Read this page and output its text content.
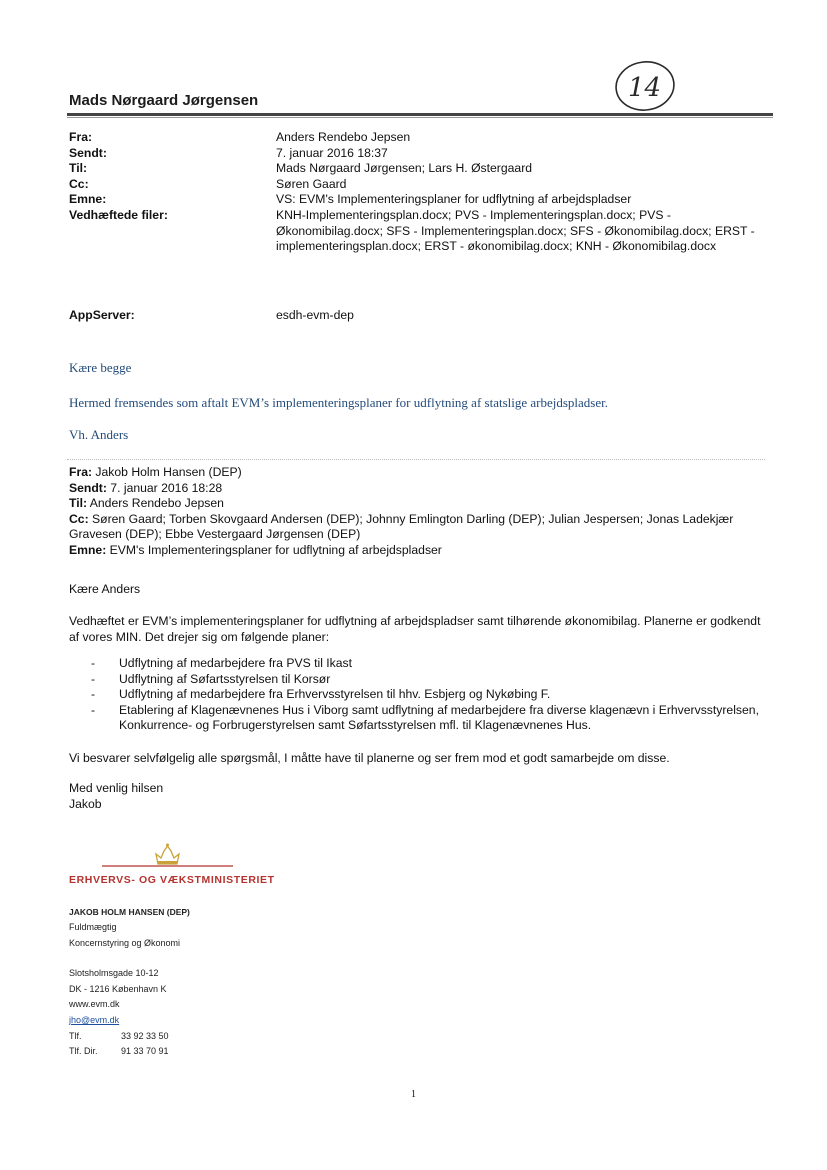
Mads Nørgaard Jørgensen	14
Fra:	Anders Rendebo Jepsen
Sendt:	7. januar 2016 18:37
Til:	Mads Nørgaard Jørgensen; Lars H. Østergaard
Cc:	Søren Gaard
Emne:	VS: EVM's Implementeringsplaner for udflytning af arbejdspladser
Vedhæftede filer:	KNH-Implementeringsplan.docx; PVS - Implementeringsplan.docx; PVS - Økonomibilag.docx; SFS - Implementeringsplan.docx; SFS - Økonomibilag.docx; ERST - implementeringsplan.docx; ERST - økonomibilag.docx; KNH - Økonomibilag.docx
AppServer:	esdh-evm-dep
Kære begge
Hermed fremsendes som aftalt EVM’s implementeringsplaner for udflytning af statslige arbejdspladser.
Vh. Anders
Fra: Jakob Holm Hansen (DEP)
Sendt: 7. januar 2016 18:28
Til: Anders Rendebo Jepsen
Cc: Søren Gaard; Torben Skovgaard Andersen (DEP); Johnny Emlington Darling (DEP); Julian Jespersen; Jonas Ladekjær Gravesen (DEP); Ebbe Vestergaard Jørgensen (DEP)
Emne: EVM's Implementeringsplaner for udflytning af arbejdspladser
Kære Anders
Vedhæftet er EVM’s implementeringsplaner for udflytning af arbejdspladser samt tilhørende økonomibilag. Planerne er godkendt af vores MIN. Det drejer sig om følgende planer:
-	Udflytning af medarbejdere fra PVS til Ikast
-	Udflytning af Søfartsstyrelsen til Korsør
-	Udflytning af medarbejdere fra Erhvervsstyrelsen til hhv. Esbjerg og Nykøbing F.
-	Etablering af Klagenævnenes Hus i Viborg samt udflytning af medarbejdere fra diverse klagenævn i Erhvervsstyrelsen, Konkurrence- og Forbrugerstyrelsen samt Søfartsstyrelsen mfl. til Klagenævnenes Hus.
Vi besvarer selvfølgelig alle spørgsmål, I måtte have til planerne og ser frem mod et godt samarbejde om disse.
Med venlig hilsen
Jakob
ERHVERVS- OG VÆKSTMINISTERIET
JAKOB HOLM HANSEN (DEP)
Fuldmægtig
Koncernstyring og Økonomi
Slotsholmsgade 10-12
DK - 1216 København K
www.evm.dk
jho@evm.dk
Tlf.	33 92 33 50
Tlf. Dir.	91 33 70 91
1
